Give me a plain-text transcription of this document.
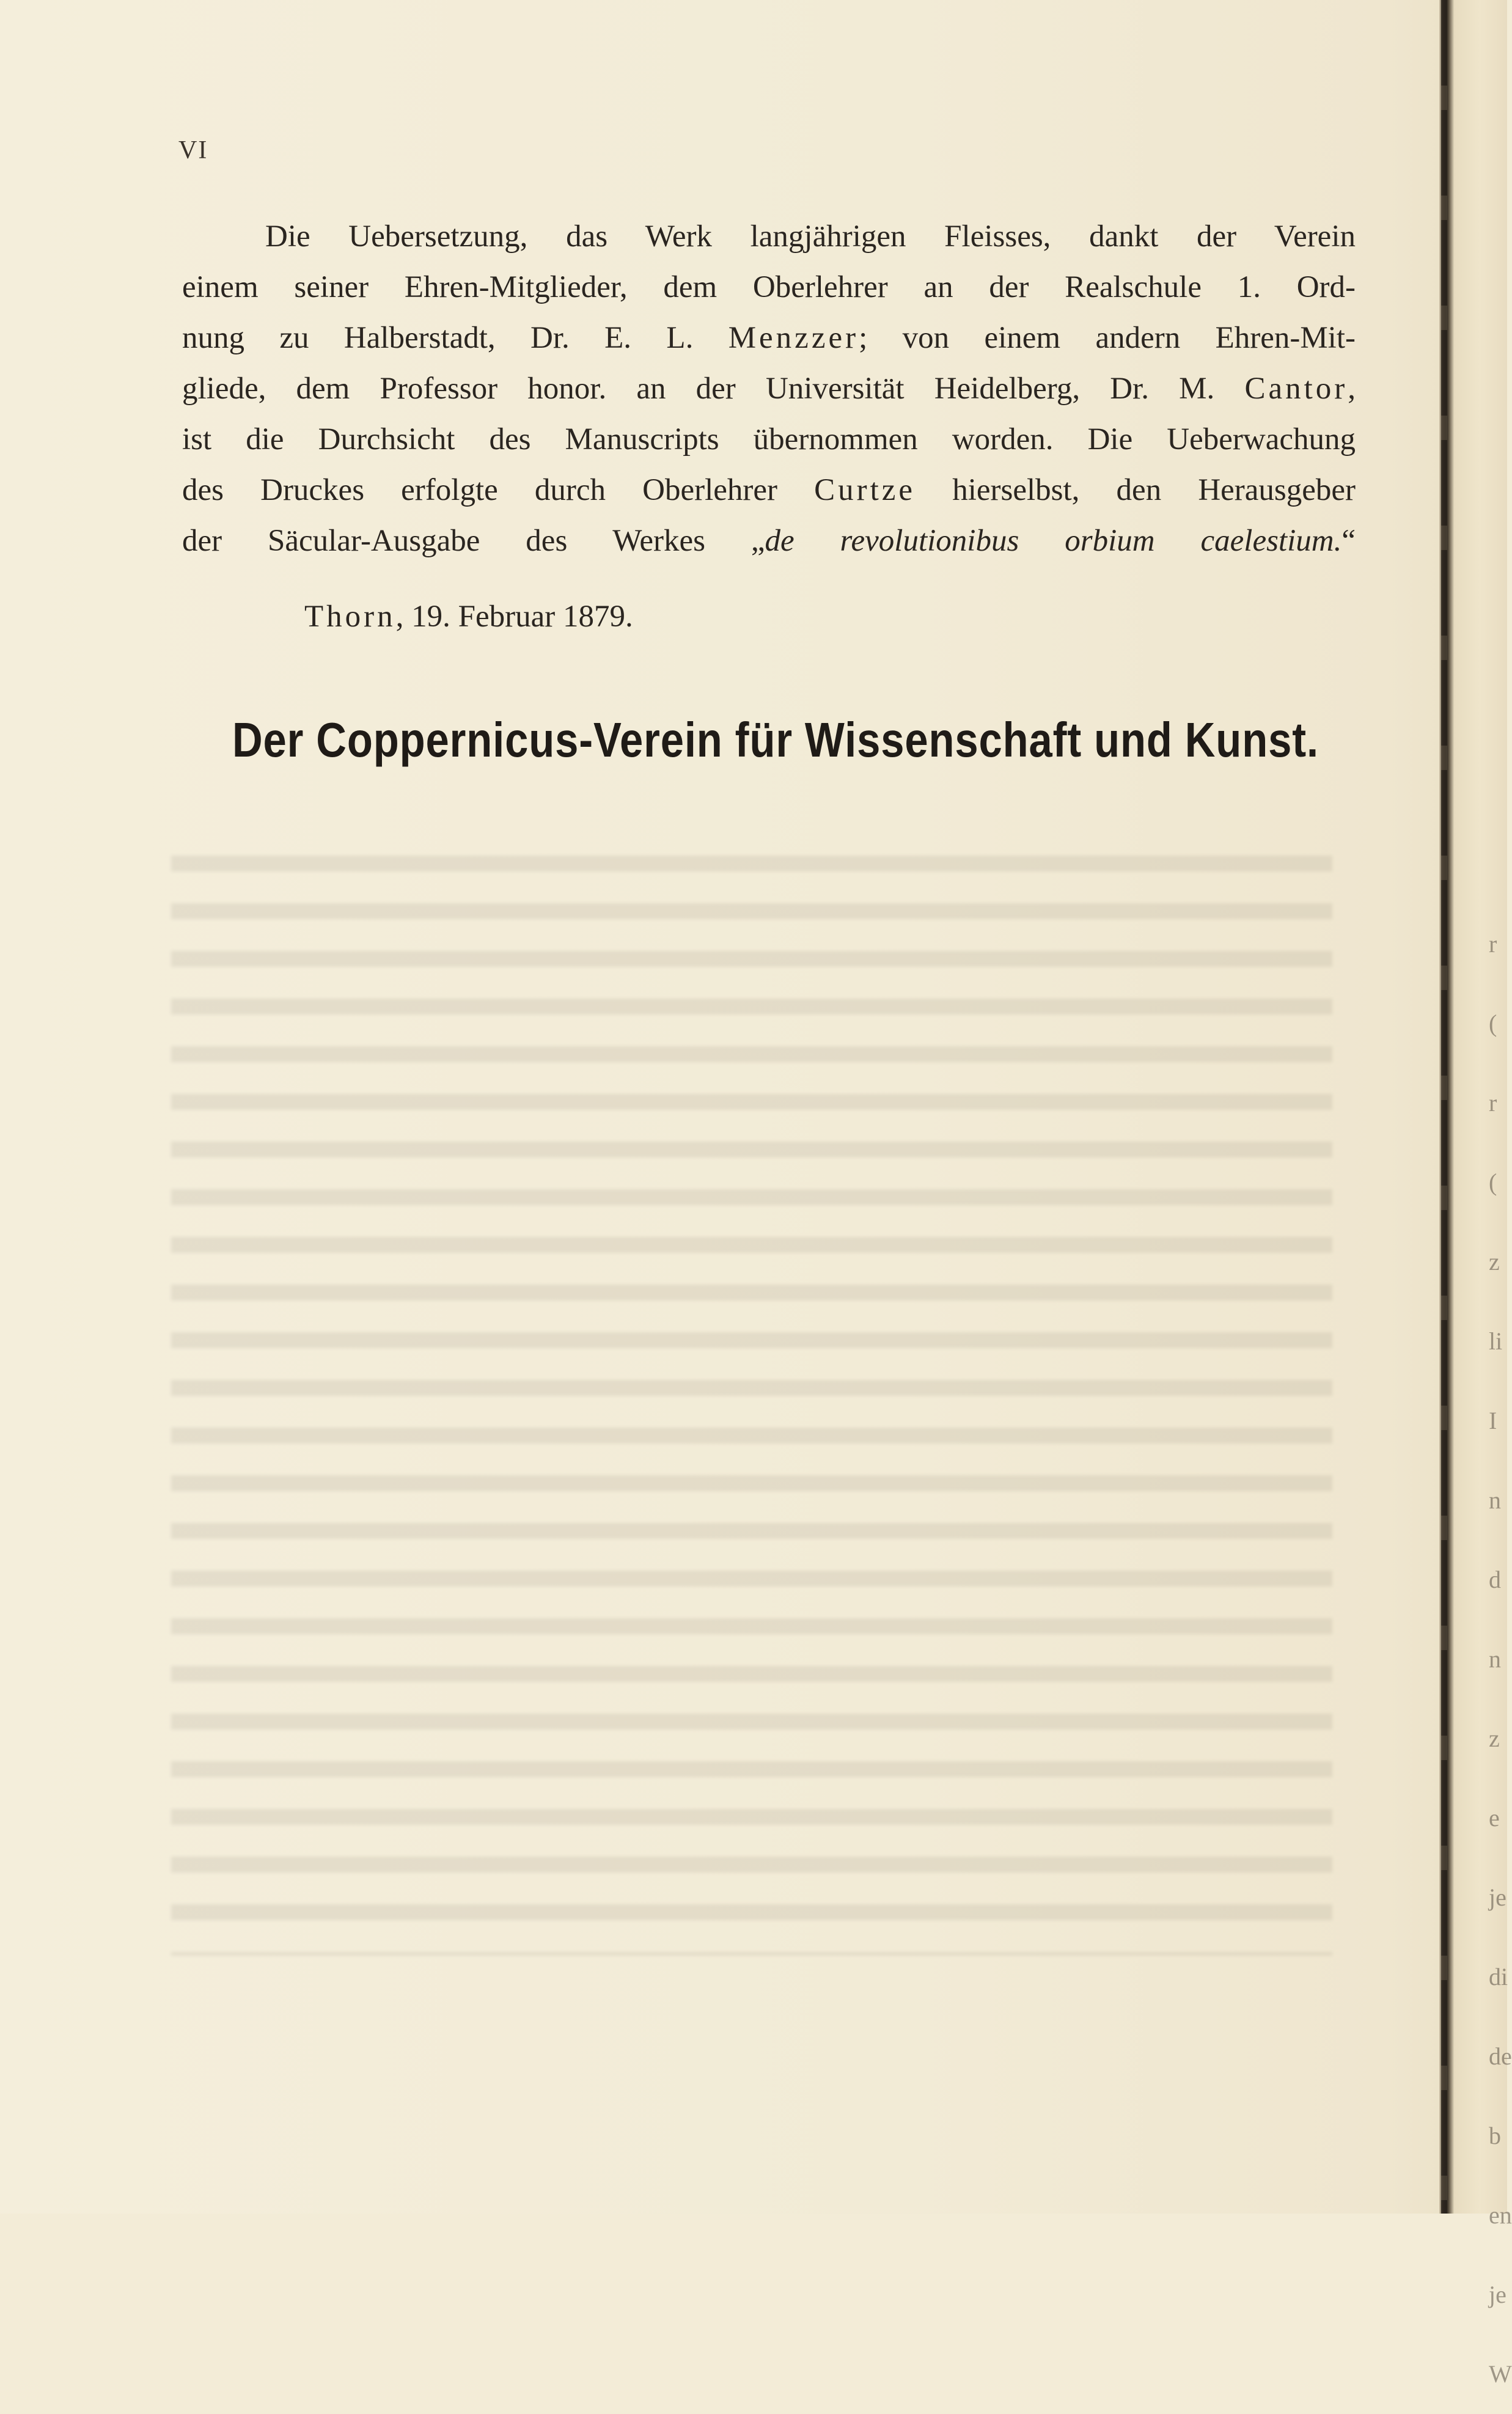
r ( r ( z li I n d n z e je di de b en je W
VI
Die Uebersetzung, das Werk langjährigen Fleisses, dankt der Verein
einem seiner Ehren-Mitglieder, dem Oberlehrer an der Realschule 1. Ord-
nung zu Halberstadt, Dr. E. L. Menzzer; von einem andern Ehren-Mit-
gliede, dem Professor honor. an der Universität Heidelberg, Dr. M. Cantor,
ist die Durchsicht des Manuscripts übernommen worden. Die Ueberwachung
des Druckes erfolgte durch Oberlehrer Curtze hierselbst, den Herausgeber
der Säcular-Ausgabe des Werkes „de revolutionibus orbium caelestium.“
Thorn, 19. Februar 1879.
Der Coppernicus-Verein für Wissenschaft und Kunst.
